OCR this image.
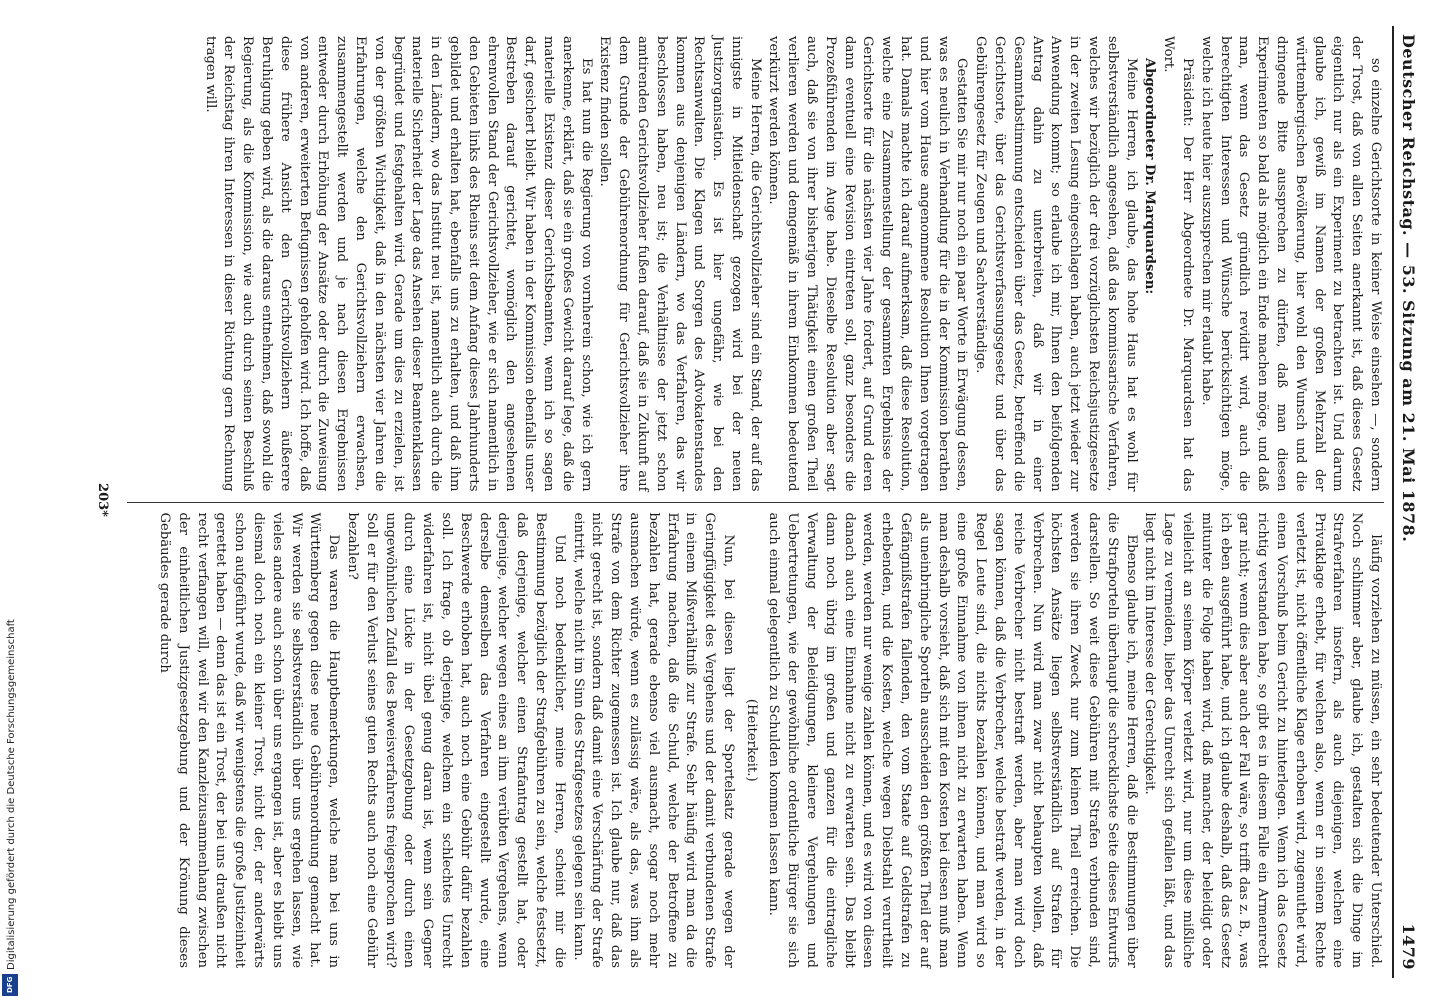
Digitalisierung gefördert durch die Deutsche Forschungsgemeinschaft
DFG
Deutscher Reichstag. — 53. Sitzung am 21. Mai 1878.
1479

so einzelne Gerichtsorte in keiner Weise einsehen —, sondern der Trost, daß von allen Seiten anerkannt ist, daß dieses Gesetz eigentlich nur als ein Experiment zu betrachten ist. Und darum glaube ich, gewiß im Namen der großen Mehrzahl der württembergischen Bevölkerung, hier wohl den Wunsch und die dringende Bitte aussprechen zu dürfen, daß man diesen Experimenten so bald als möglich ein Ende machen möge, und daß man, wenn das Gesetz gründlich revidirt wird, auch die berechtigten Interessen und Wünsche berücksichtigen möge, welche ich heute hier auszusprechen mir erlaubt habe.

Präsident: Der Herr Abgeordnete Dr. Marquardsen hat das Wort.

Abgeordneter Dr. Marquardsen:

Meine Herren, ich glaube, das hohe Haus hat es wohl für selbstverständlich angesehen, daß das kommissarische Verfahren, welches wir bezüglich der drei vorzüglichsten Reichsjustizgesetze in der zweiten Lesung eingeschlagen haben, auch jetzt wieder zur Anwendung kommt; so erlaube ich mir, Ihnen den beifolgenden Antrag dahin zu unterbreiten, daß wir in einer Gesammtabstimmung entscheiden über das Gesetz, betreffend die Gerichtsorte, über das Gerichtsverfassungsgesetz und über das Gebührengesetz für Zeugen und Sachverständige.

Gestatten Sie mir nur noch ein paar Worte in Erwägung dessen, was es neulich in Verhandlung für die in der Kommission berathen und hier vom Hause angenommene Resolution Ihnen vorgetragen hat. Damals machte ich darauf aufmerksam, daß diese Resolution, welche eine Zusammenstellung der gesammten Ergebnisse der Gerichtsorte für die nächsten vier Jahre fordert, auf Grund deren dann eventuell eine Revision eintreten soll, ganz besonders die Prozeßführenden im Auge habe. Dieselbe Resolution aber sagt auch, daß sie von ihrer bisherigen Thätigkeit einen großen Theil verlieren werden und demgemäß in ihrem Einkommen bedeutend verkürzt werden können.

Meine Herren, die Gerichtsvollzieher sind ein Stand, der auf das innigste in Mitleidenschaft gezogen wird bei der neuen Justizorganisation. Es ist hier ungefähr, wie bei den Rechtsanwalten. Die Klagen und Sorgen des Advokatenstandes kommen aus denjenigen Ländern, wo das Verfahren, das wir beschlossen haben, neu ist; die Verhältnisse der jetzt schon amtirenden Gerichtsvollzieher fußen darauf, daß sie in Zukunft auf dem Grunde der Gebührenordnung für Gerichtsvollzieher ihre Existenz finden sollen.

Es hat nun die Regierung von vornherein schon, wie ich gern anerkenne, erklärt, daß sie ein großes Gewicht darauf lege, daß die materielle Existenz dieser Gerichtsbeamten, wenn ich so sagen darf, gesichert bleibt. Wir haben in der Kommission ebenfalls unser Bestreben darauf gerichtet, womöglich den angesehenen ehrenvollen Stand der Gerichtsvollzieher, wie er sich namentlich in den Gebieten links des Rheins seit dem Anfang dieses Jahrhunderts gebildet und erhalten hat, ebenfalls uns zu erhalten, und daß ihm in den Ländern, wo das Institut neu ist, namentlich auch durch die materielle Sicherheit der Lage das Ansehen dieser Beamtenklassen begründet und festgehalten wird. Gerade um dies zu erzielen, ist von der größten Wichtigkeit, daß in den nächsten vier Jahren die Erfahrungen, welche den Gerichtsvollziehern erwachsen, zusammengestellt werden und je nach diesen Ergebnissen entweder durch Erhöhung der Ansätze oder durch die Zuweisung von anderen, erweiterten Befugnissen geholfen wird. Ich hoffe, daß diese frühere Ansicht den Gerichtsvollziehern äußerere Beruhigung geben wird, als die daraus entnehmen, daß sowohl die Regierung, als die Kommission, wie auch durch seinen Beschluß der Reichstag ihren Interessen in dieser Richtung gern Rechnung tragen will.

läufig vorziehen zu müssen, ein sehr bedeutender Unterschied. Noch schlimmer aber, glaube ich, gestalten sich die Dinge im Strafverfahren insofern, als auch diejenigen, welchen eine Privatklage erhebt, für welchen also, wenn er in seinem Rechte verletzt ist, nicht öffentliche Klage erhoben wird, zugemuthet wird, einen Vorschuß beim Gericht zu hinterlegen. Wenn ich das Gesetz richtig verstanden habe, so gibt es in diesem Falle ein Armenrecht gar nicht; wenn dies aber auch der Fall wäre, so trifft das z. B., was ich eben ausgeführt habe, und ich glaube deshalb, daß das Gesetz mitunter die Folge haben wird, daß mancher, der beleidigt oder vielleicht an seinem Körper verletzt wird, nur um diese mißliche Lage zu vermeiden, lieber das Unrecht sich gefallen läßt, und das liegt nicht im Interesse der Gerechtigkeit.

Ebenso glaube ich, meine Herren, daß die Bestimmungen über die Strafporteln überhaupt die schrecklichste Seite dieses Entwurfs darstellen. So weit diese Gebühren mit Strafen verbunden sind, werden sie ihren Zweck nur zum kleinen Theil erreichen. Die höchsten Ansätze liegen selbstverständlich auf Strafen für Verbrechen. Nun wird man zwar nicht behaupten wollen, daß reiche Verbrecher nicht bestraft werden, aber man wird doch sagen können, daß die Verbrecher, welche bestraft werden, in der Regel Leute sind, die nichts bezahlen können, und man wird so eine große Einnahme von ihnen nicht zu erwarten haben. Wenn man deshalb vorsieht, daß sich mit den Kosten bei diesen muß man als uneinbringliche Sporteln ausscheiden den größten Theil der auf Gefängnißstrafen fallenden, den vom Staate auf Geldstrafen zu erhebenden, und die Kosten, welche wegen Diebstahl verurtheilt werden, werden nur wenige zahlen können, und es wird von diesen danach auch eine Einnahme nicht zu erwarten sein. Das bleibt dann noch übrig im großen und ganzen für die eintragliche Verwaltung der Beleidigungen, kleinere Vergehungen und Uebertretungen, wie der gewöhnliche ordentliche Bürger sie sich auch einmal gelegentlich zu Schulden kommen lassen kann.

(Heiterkeit.)

Nun, bei diesen liegt der Sportelsatz gerade wegen der Geringfügigkeit des Vergehens und der damit verbundenen Strafe in einem Mißverhältniß zur Strafe. Sehr häufig wird man da die Erfahrung machen, daß die Schuld, welche der Betroffene zu bezahlen hat, gerade ebenso viel ausmacht, sogar noch mehr ausmachen würde, wenn es zulässig wäre, als das, was ihm als Strafe von dem Richter zugemessen ist. Ich glaube nur, daß das nicht gerecht ist, sondern daß damit eine Verschärfung der Strafe eintritt, welche nicht im Sinn des Strafgesetzes gelegen sein kann.

Und noch bedenklicher, meine Herren, scheint mir die Bestimmung bezüglich der Strafgebühren zu sein, welche festsetzt, daß derjenige, welcher einen Strafantrag gestellt hat, oder derjenige, welcher wegen eines an ihm verübten Vergehens, wenn derselbe demselben das Verfahren eingestellt wurde, eine Beschwerde erhoben hat, auch noch eine Gebühr dafür bezahlen soll. Ich frage, ob derjenige, welchem ein schlechtes Unrecht widerfahren ist, nicht übel genug daran ist, wenn sein Gegner durch eine Lücke in der Gesetzgebung oder durch einen ungewöhnlichen Zufall des Beweisverfahrens freigesprochen wird? Soll er für den Verlust seines guten Rechts auch noch eine Gebühr bezahlen?

Das waren die Hauptbemerkungen, welche man bei uns in Württemberg gegen diese neue Gebührenordnung gemacht hat. Wir werden sie selbstverständlich über uns ergehen lassen, wie vieles andere auch schon über uns ergangen ist, aber es bleibt uns diesmal doch noch ein kleiner Trost, nicht der, der anderwärts schon aufgeführt wurde, daß wir wenigstens die große Justizeinheit gerettet haben — denn das ist ein Trost, der bei uns draußen nicht recht verfangen will, weil wir den Kanzleizusammenhang zwischen der einheitlichen Justizgesetzgebung und der Krönung dieses Gebäudes gerade durch

203*
